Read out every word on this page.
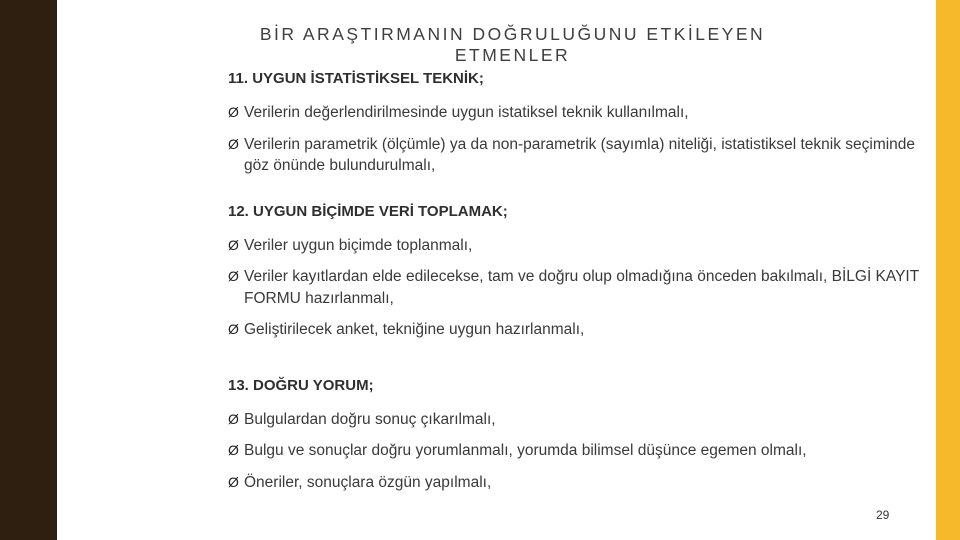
BİR ARAŞTIRMANIN DOĞRULUĞUNU ETKİLEYEN ETMENLER
11. UYGUN İSTATİSTİKSEL TEKNİK;
Ø Verilerin değerlendirilmesinde uygun istatiksel teknik kullanılmalı,
Ø Verilerin parametrik (ölçümle) ya da non-parametrik (sayımla) niteliği, istatistiksel teknik seçiminde göz önünde bulundurulmalı,
12. UYGUN BİÇİMDE VERİ TOPLAMAK;
Ø Veriler uygun biçimde toplanmalı,
Ø Veriler kayıtlardan elde edilecekse, tam ve doğru olup olmadığına önceden bakılmalı, BİLGİ KAYIT FORMU hazırlanmalı,
Ø Geliştirilecek anket, tekniğine uygun hazırlanmalı,
13. DOĞRU YORUM;
Ø Bulgulardan doğru sonuç çıkarılmalı,
Ø Bulgu ve sonuçlar doğru yorumlanmalı, yorumda bilimsel düşünce egemen olmalı,
Ø Öneriler, sonuçlara özgün yapılmalı,
29
